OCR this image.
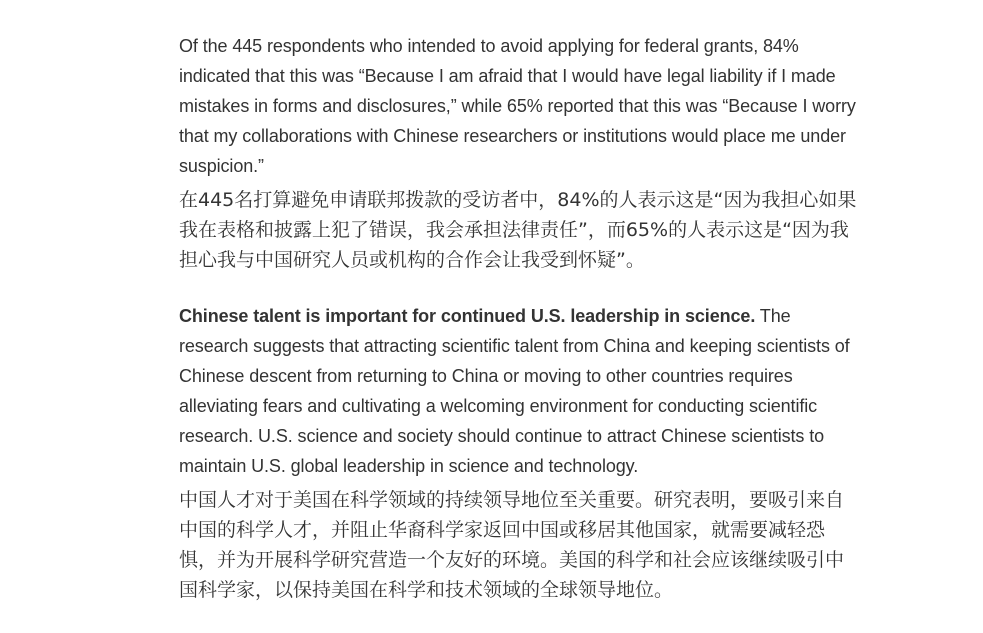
Of the 445 respondents who intended to avoid applying for federal grants, 84% indicated that this was “Because I am afraid that I would have legal liability if I made mistakes in forms and disclosures,” while 65% reported that this was “Because I worry that my collaborations with Chinese researchers or institutions would place me under suspicion.”

在445名打算避免申请联邦拨款的受访者中，84%的人表示这是“因为我担心如果我在表格和披露上犯了错误，我会承担法律责任”，而65%的人表示这是“因为我担心我与中国研究人员或机构的合作会让我受到怀疑”。

Chinese talent is important for continued U.S. leadership in science. The research suggests that attracting scientific talent from China and keeping scientists of Chinese descent from returning to China or moving to other countries requires alleviating fears and cultivating a welcoming environment for conducting scientific research. U.S. science and society should continue to attract Chinese scientists to maintain U.S. global leadership in science and technology.

中国人才对于美国在科学领域的持续领导地位至关重要。研究表明，要吸引来自中国的科学人才，并阻止华裔科学家返回中国或移居其他国家，就需要减轻恐惧，并为开展科学研究营造一个友好的环境。美国的科学和社会应该继续吸引中国科学家，以保持美国在科学和技术领域的全球领导地位。
